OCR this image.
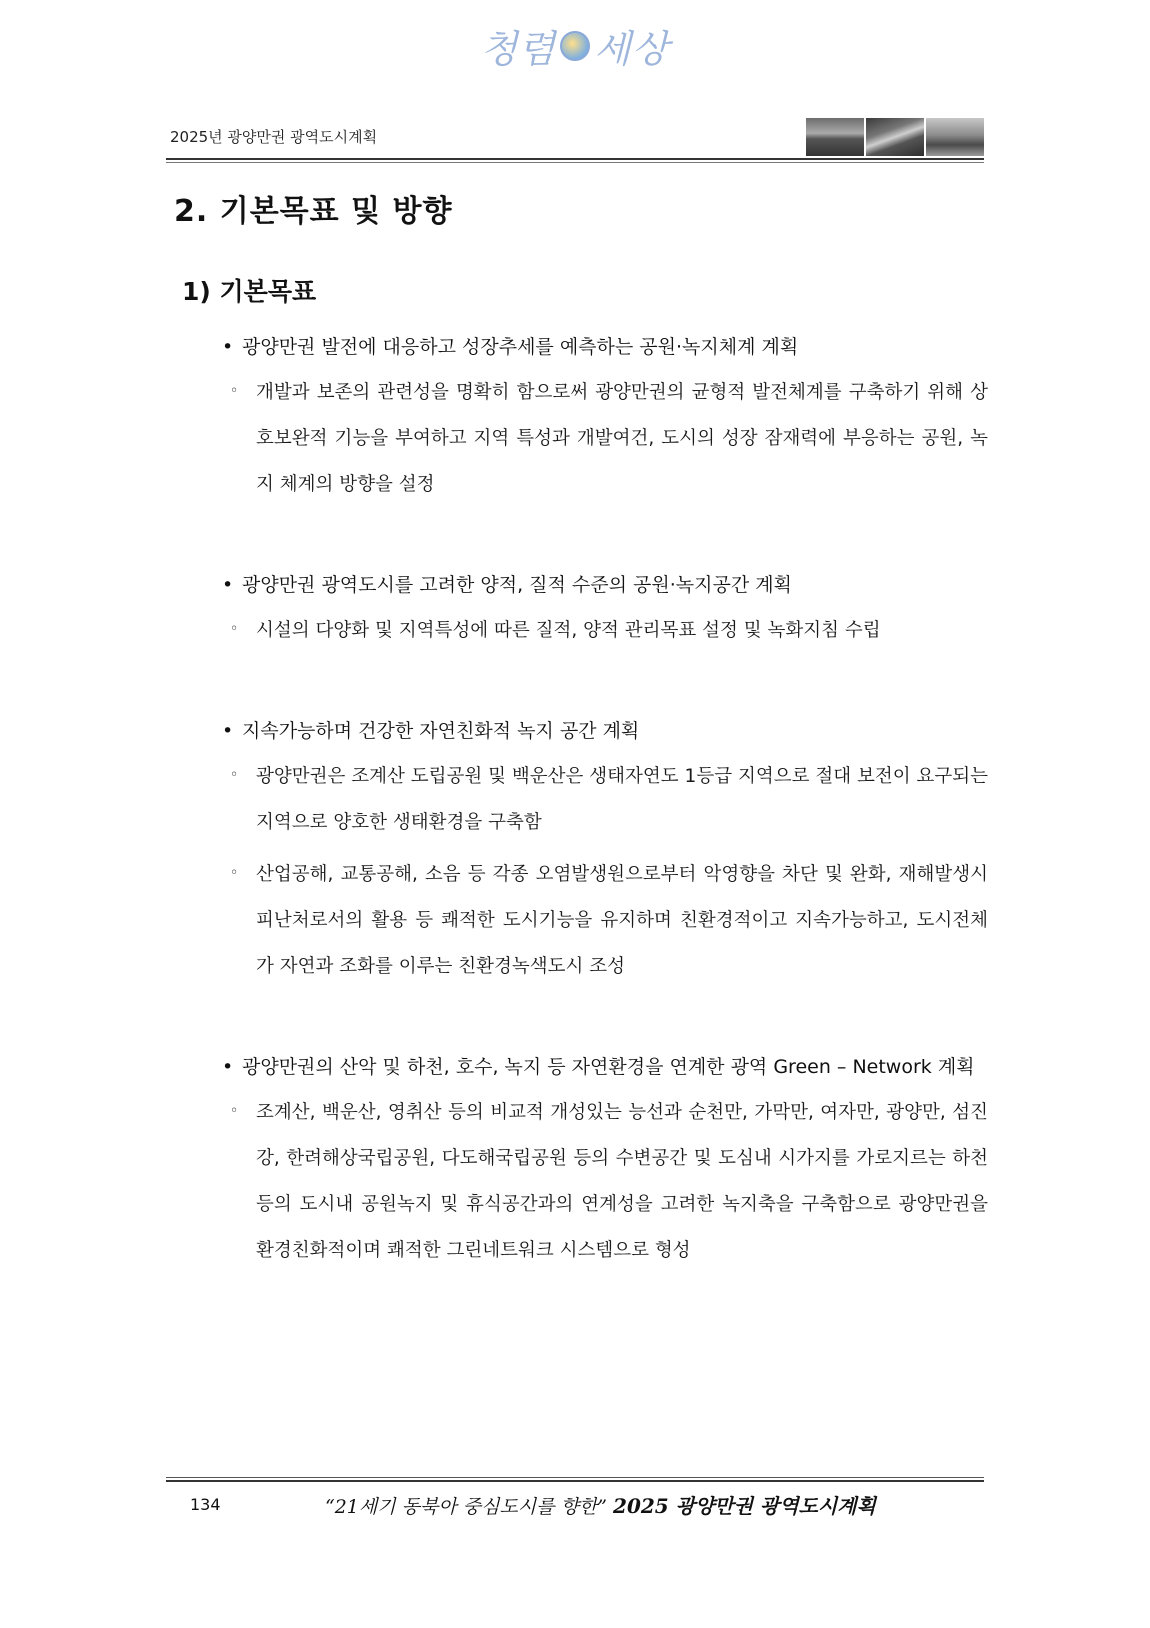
청렴 세상
2025년 광양만권 광역도시계획
2. 기본목표 및 방향
1) 기본목표
• 광양만권 발전에 대응하고 성장추세를 예측하는 공원·녹지체계 계획
◦ 개발과 보존의 관련성을 명확히 함으로써 광양만권의 균형적 발전체계를 구축하기 위해 상호보완적 기능을 부여하고 지역 특성과 개발여건, 도시의 성장 잠재력에 부응하는 공원, 녹지 체계의 방향을 설정
• 광양만권 광역도시를 고려한 양적, 질적 수준의 공원·녹지공간 계획
◦ 시설의 다양화 및 지역특성에 따른 질적, 양적 관리목표 설정 및 녹화지침 수립
• 지속가능하며 건강한 자연친화적 녹지 공간 계획
◦ 광양만권은 조계산 도립공원 및 백운산은 생태자연도 1등급 지역으로 절대 보전이 요구되는 지역으로 양호한 생태환경을 구축함
◦ 산업공해, 교통공해, 소음 등 각종 오염발생원으로부터 악영향을 차단 및 완화, 재해발생시 피난처로서의 활용 등 쾌적한 도시기능을 유지하며 친환경적이고 지속가능하고, 도시전체가 자연과 조화를 이루는 친환경녹색도시 조성
• 광양만권의 산악 및 하천, 호수, 녹지 등 자연환경을 연계한 광역 Green – Network 계획
◦ 조계산, 백운산, 영취산 등의 비교적 개성있는 능선과 순천만, 가막만, 여자만, 광양만, 섬진강, 한려해상국립공원, 다도해국립공원 등의 수변공간 및 도심내 시가지를 가로지르는 하천 등의 도시내 공원녹지 및 휴식공간과의 연계성을 고려한 녹지축을 구축함으로 광양만권을 환경친화적이며 쾌적한 그린네트워크 시스템으로 형성
134	“21세기 동북아 중심도시를 향한” 2025 광양만권 광역도시계획
